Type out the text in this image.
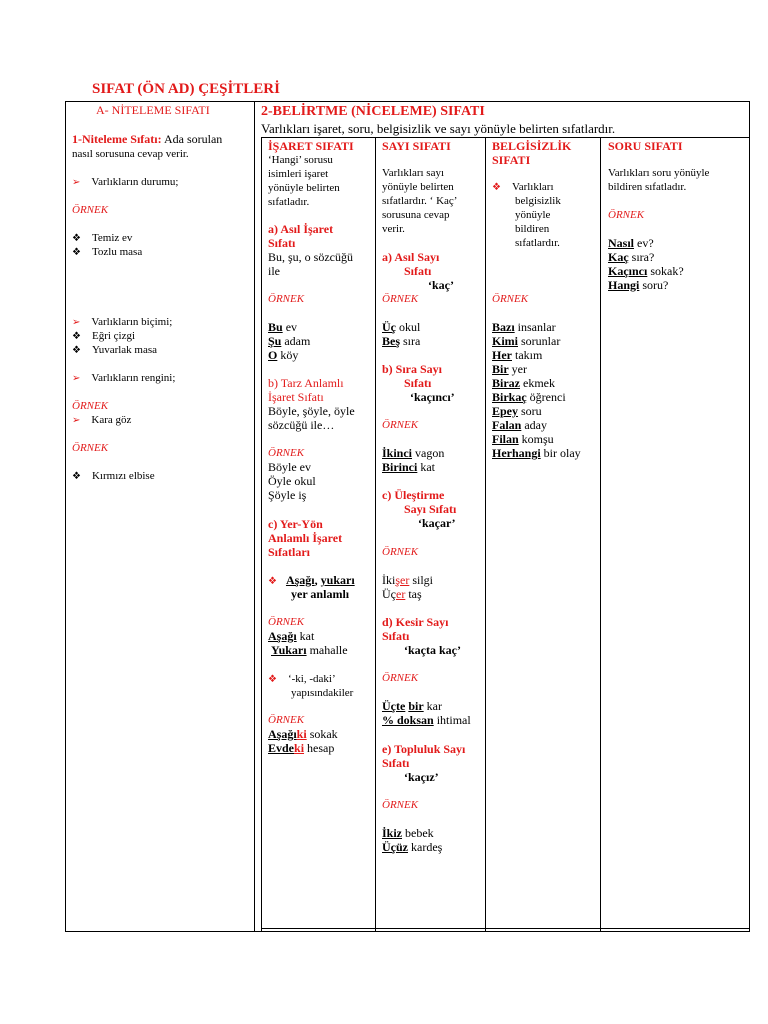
SIFAT (ÖN AD) ÇEŞİTLERİ
A- NİTELEME SIFATI
1-Niteleme Sıfatı: Ada sorulan
nasıl sorusuna cevap verir.
➢ Varlıkların durumu;
ÖRNEK
❖ Temiz ev
❖ Tozlu masa
➢ Varlıkların biçimi;
❖ Eğri çizgi
❖ Yuvarlak masa
➢ Varlıkların rengini;
ÖRNEK
➢ Kara göz
ÖRNEK
❖ Kırmızı elbise
2-BELİRTME (NİCELEME) SIFATI
Varlıkları işaret, soru, belgisizlik ve sayı yönüyle belirten sıfatlardır.
İŞARET SIFATI
‘Hangi’ sorusu
isimleri işaret
yönüyle belirten
sıfatladır.
a) Asıl İşaret
Sıfatı
Bu, şu, o sözcüğü
ile
ÖRNEK
Bu ev
Şu adam
O köy
b) Tarz Anlamlı
İşaret Sıfatı
Böyle, şöyle, öyle
sözcüğü ile…
ÖRNEK
Böyle ev
Öyle okul
Şöyle iş
c) Yer-Yön
Anlamlı İşaret
Sıfatları
❖ Aşağı, yukarı
yer anlamlı
ÖRNEK
Aşağı kat
Yukarı mahalle
❖ ‘-ki, -daki’
yapısındakiler
ÖRNEK
Aşağıki sokak
Evdeki hesap
SAYI SIFATI
Varlıkları sayı
yönüyle belirten
sıfatlardır. ‘ Kaç’
sorusuna cevap
verir.
a) Asıl Sayı
Sıfatı
‘kaç’
ÖRNEK
Üç okul
Beş sıra
b) Sıra Sayı
Sıfatı
‘kaçıncı’
ÖRNEK
İkinci vagon
Birinci kat
c) Üleştirme
Sayı Sıfatı
‘kaçar’
ÖRNEK
İkişer silgi
Üçer taş
d) Kesir Sayı
Sıfatı
‘kaçta kaç’
ÖRNEK
Üçte bir kar
% doksan ihtimal
e) Topluluk Sayı
Sıfatı
‘kaçız’
ÖRNEK
İkiz bebek
Üçüz kardeş
BELGİSİZLİK
SIFATI
❖ Varlıkları
belgisizlik
yönüyle
bildiren
sıfatlardır.
ÖRNEK
Bazı insanlar
Kimi sorunlar
Her takım
Bir yer
Biraz ekmek
Birkaç öğrenci
Epey soru
Falan aday
Filan komşu
Herhangi bir olay
SORU SIFATI
Varlıkları soru yönüyle
bildiren sıfatladır.
ÖRNEK
Nasıl ev?
Kaç sıra?
Kaçıncı sokak?
Hangi soru?
